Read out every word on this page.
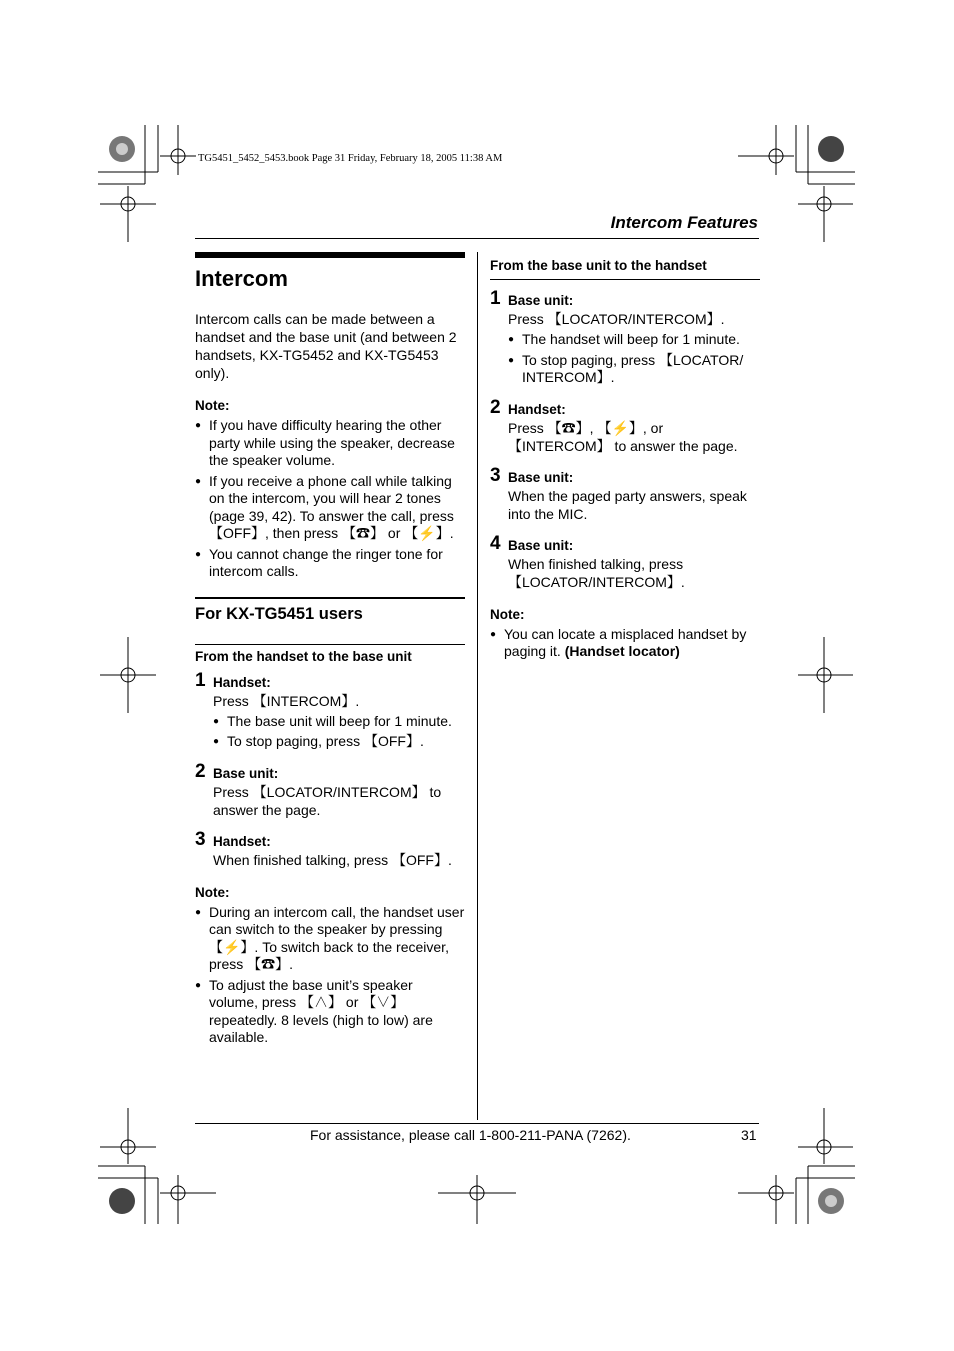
TG5451_5452_5453.book Page 31 Friday, February 18, 2005 11:38 AM
Intercom Features
Intercom

Intercom calls can be made between a handset and the base unit (and between 2 handsets, KX-TG5452 and KX-TG5453 only).

Note:
● If you have difficulty hearing the other party while using the speaker, decrease the speaker volume.
● If you receive a phone call while talking on the intercom, you will hear 2 tones (page 39, 42). To answer the call, press 【OFF】, then press 【☎】 or 【⚡】.
● You cannot change the ringer tone for intercom calls.
For KX-TG5451 users
From the handset to the base unit
1 Handset:

Press 【INTERCOM】.

● The base unit will beep for 1 minute.
● To stop paging, press 【OFF】.
2 Base unit:

Press 【LOCATOR/INTERCOM】 to answer the page.

3 Handset:

When finished talking, press 【OFF】.

Note:
● During an intercom call, the handset user can switch to the speaker by pressing 【⚡】. To switch back to the receiver, press 【☎】.
● To adjust the base unit’s speaker volume, press 【∧】 or 【∨】 repeatedly. 8 levels (high to low) are available.
From the base unit to the handset
1 Base unit:

Press 【LOCATOR/INTERCOM】.

● The handset will beep for 1 minute.
● To stop paging, press 【LOCATOR/ INTERCOM】.
2 Handset:

Press 【☎】, 【⚡】, or 【INTERCOM】 to answer the page.

3 Base unit:

When the paged party answers, speak into the MIC.

4 Base unit:

When finished talking, press 【LOCATOR/INTERCOM】.

Note:
● You can locate a misplaced handset by paging it. (Handset locator)
For assistance, please call 1-800-211-PANA (7262).	31
